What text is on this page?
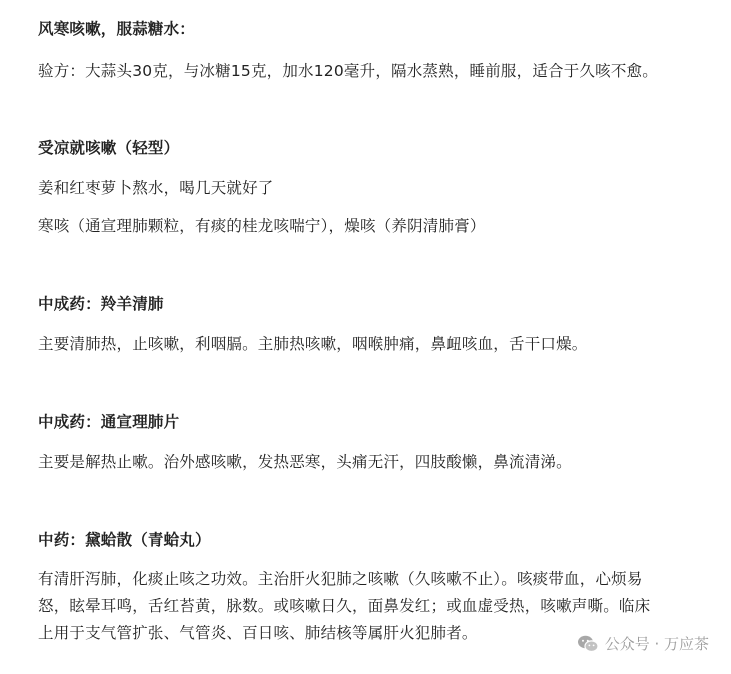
风寒咳嗽，服蒜糖水：
验方：大蒜头30克，与冰糖15克，加水120毫升，隔水蒸熟，睡前服，适合于久咳不愈。
受凉就咳嗽（轻型）
姜和红枣萝卜熬水，喝几天就好了
寒咳（通宣理肺颗粒，有痰的桂龙咳喘宁），燥咳（养阴清肺膏）
中成药：羚羊清肺
主要清肺热，止咳嗽，利咽膈。主肺热咳嗽，咽喉肿痛，鼻衄咳血，舌干口燥。
中成药：通宣理肺片
主要是解热止嗽。治外感咳嗽，发热恶寒，头痛无汗，四肢酸懒，鼻流清涕。
中药：黛蛤散（青蛤丸）
有清肝泻肺，化痰止咳之功效。主治肝火犯肺之咳嗽（久咳嗽不止）。咳痰带血，心烦易
怒，眩晕耳鸣，舌红苔黄，脉数。或咳嗽日久，面鼻发红；或血虚受热，咳嗽声嘶。临床
上用于支气管扩张、气管炎、百日咳、肺结核等属肝火犯肺者。
公众号 · 万应茶
